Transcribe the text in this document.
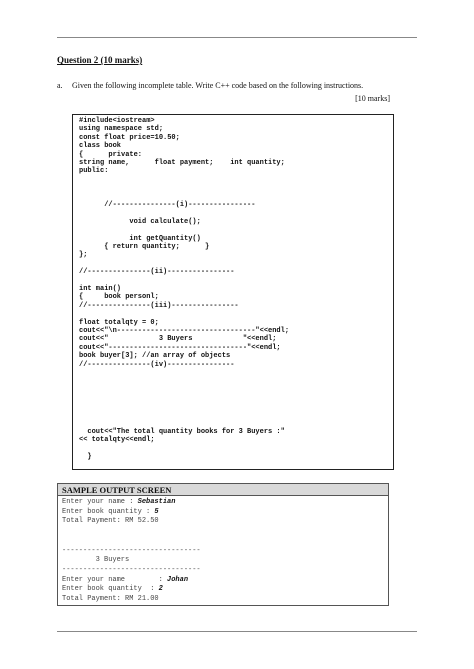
Question 2 (10 marks)
a. Given the following incomplete table. Write C++ code based on the following instructions.
[10 marks]
#include<iostream>
using namespace std;
const float price=10.50;
class book
{      private:
string name,      float payment;    int quantity;
public:
//---------------(i)----------------
void calculate();
int getQuantity()
{ return quantity;      }
};
//---------------(ii)----------------
int main()
{     book personl;
//---------------(iii)----------------
float totalqty = 0;
cout<<"\n---------------------------------"<<endl;
cout<<"            3 Buyers            "<<endl;
cout<<"---------------------------------"<<endl;
book buyer[3]; //an array of objects
//---------------(iv)----------------
cout<<"The total quantity books for 3 Buyers :"
<< totalqty<<endl;
}
SAMPLE OUTPUT SCREEN
Enter your name : Sebastian
Enter book quantity : 5
Total Payment: RM 52.50
---------------------------------
3 Buyers
---------------------------------
Enter your name        : Johan
Enter book quantity  : 2
Total Payment: RM 21.00
